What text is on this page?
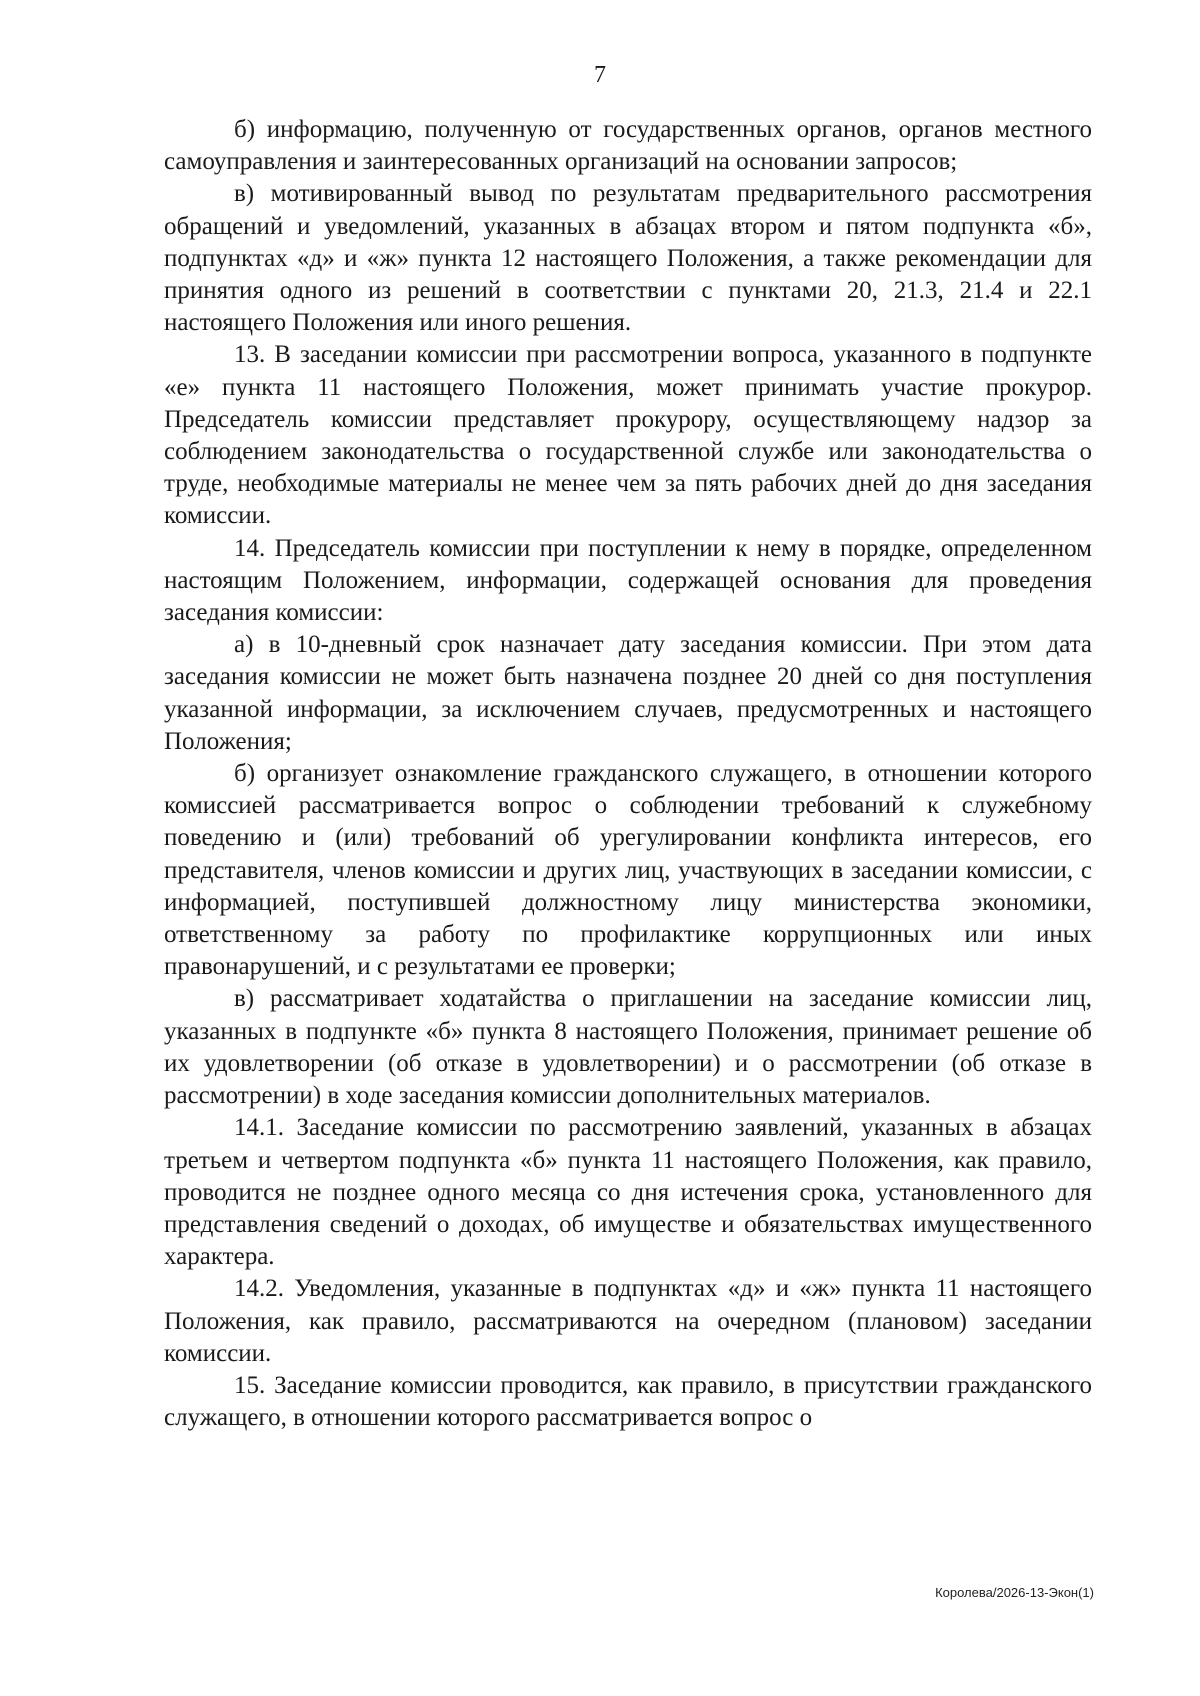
7

б) информацию, полученную от государственных органов, органов местного самоуправления и заинтересованных организаций на основании запросов;

в) мотивированный вывод по результатам предварительного рассмотрения обращений и уведомлений, указанных в абзацах втором и пятом подпункта «б», подпунктах «д» и «ж» пункта 12 настоящего Положения, а также рекомендации для принятия одного из решений в соответствии с пунктами 20, 21.3, 21.4 и 22.1 настоящего Положения или иного решения.

13. В заседании комиссии при рассмотрении вопроса, указанного в подпункте «е» пункта 11 настоящего Положения, может принимать участие прокурор. Председатель комиссии представляет прокурору, осуществляющему надзор за соблюдением законодательства о государственной службе или законодательства о труде, необходимые материалы не менее чем за пять рабочих дней до дня заседания комиссии.

14. Председатель комиссии при поступлении к нему в порядке, определенном настоящим Положением, информации, содержащей основания для проведения заседания комиссии:

а) в 10-дневный срок назначает дату заседания комиссии. При этом дата заседания комиссии не может быть назначена позднее 20 дней со дня поступления указанной информации, за исключением случаев, предусмотренных и настоящего Положения;

б) организует ознакомление гражданского служащего, в отношении которого комиссией рассматривается вопрос о соблюдении требований к служебному поведению и (или) требований об урегулировании конфликта интересов, его представителя, членов комиссии и других лиц, участвующих в заседании комиссии, с информацией, поступившей должностному лицу министерства экономики, ответственному за работу по профилактике коррупционных или иных правонарушений, и с результатами ее проверки;

в) рассматривает ходатайства о приглашении на заседание комиссии лиц, указанных в подпункте «б» пункта 8 настоящего Положения, принимает решение об их удовлетворении (об отказе в удовлетворении) и о рассмотрении (об отказе в рассмотрении) в ходе заседания комиссии дополнительных материалов.

14.1. Заседание комиссии по рассмотрению заявлений, указанных в абзацах третьем и четвертом подпункта «б» пункта 11 настоящего Положения, как правило, проводится не позднее одного месяца со дня истечения срока, установленного для представления сведений о доходах, об имуществе и обязательствах имущественного характера.

14.2. Уведомления, указанные в подпунктах «д» и «ж» пункта 11 настоящего Положения, как правило, рассматриваются на очередном (плановом) заседании комиссии.

15. Заседание комиссии проводится, как правило, в присутствии гражданского служащего, в отношении которого рассматривается вопрос о

Королева/2026-13-Экон(1)
